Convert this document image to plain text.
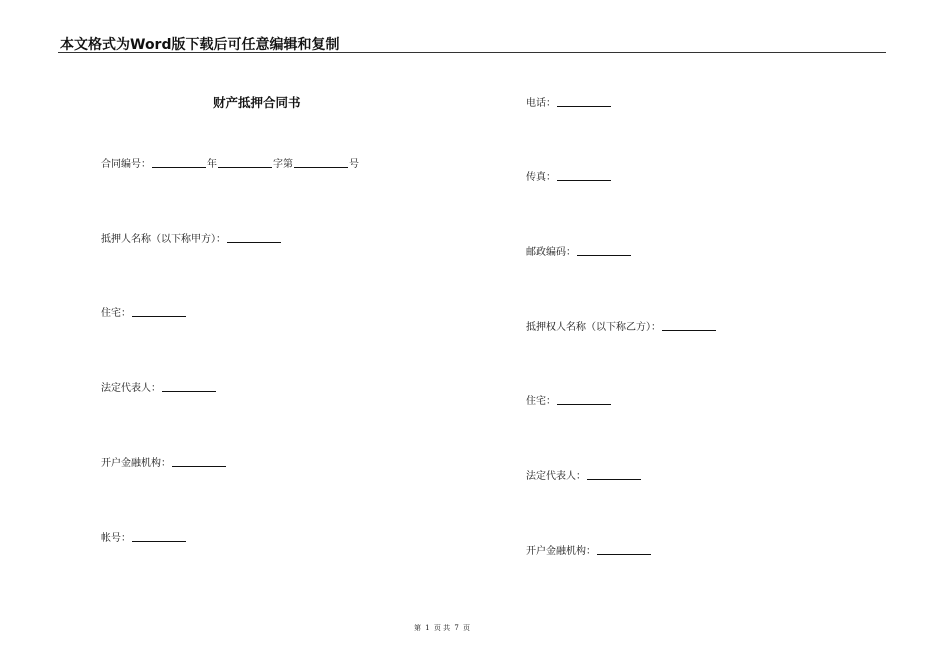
本文格式为Word版下载后可任意编辑和复制
财产抵押合同书
合同编号：	年	字第	号
抵押人名称（以下称甲方）：
住宅：
法定代表人：
开户金融机构：
帐号：
电话：
传真：
邮政编码：
抵押权人名称（以下称乙方）：
住宅：
法定代表人：
开户金融机构：
第 1 页 共 7 页
